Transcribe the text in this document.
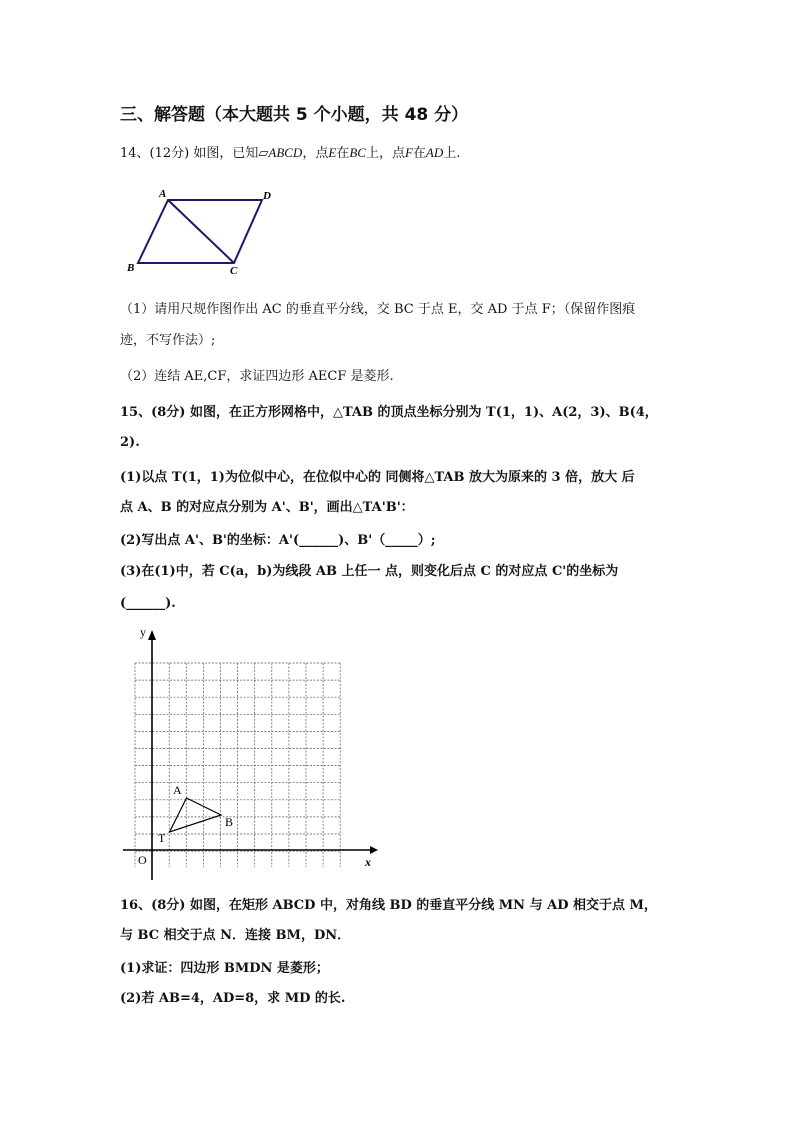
三、解答题（本大题共 5 个小题，共 48 分）
14、(12分) 如图，已知▱ABCD，点E在BC上，点F在AD上.
A	D
B	C
（1）请用尺规作图作出 AC 的垂直平分线，交 BC 于点 E，交 AD 于点 F；（保留作图痕
迹，不写作法）;
（2）连结 AE,CF，求证四边形 AECF 是菱形.
15、(8分) 如图，在正方形网格中，△TAB 的顶点坐标分别为 T(1，1)、A(2，3)、B(4，
2).
(1)以点 T(1，1)为位似中心，在位似中心的 同侧将△TAB 放大为原来的 3 倍，放大 后
点 A、B 的对应点分别为 A'、B'，画出△TA'B'：
(2)写出点 A'、B'的坐标：A'(______)、B'（_____）;
(3)在(1)中，若 C(a，b)为线段 AB 上任一 点，则变化后点 C 的对应点 C'的坐标为
(______).
y
x
O
T
A
B
16、(8分) 如图，在矩形 ABCD 中，对角线 BD 的垂直平分线 MN 与 AD 相交于点 M，
与 BC 相交于点 N．连接 BM，DN．
(1)求证：四边形 BMDN 是菱形；
(2)若 AB=4，AD=8，求 MD 的长.
